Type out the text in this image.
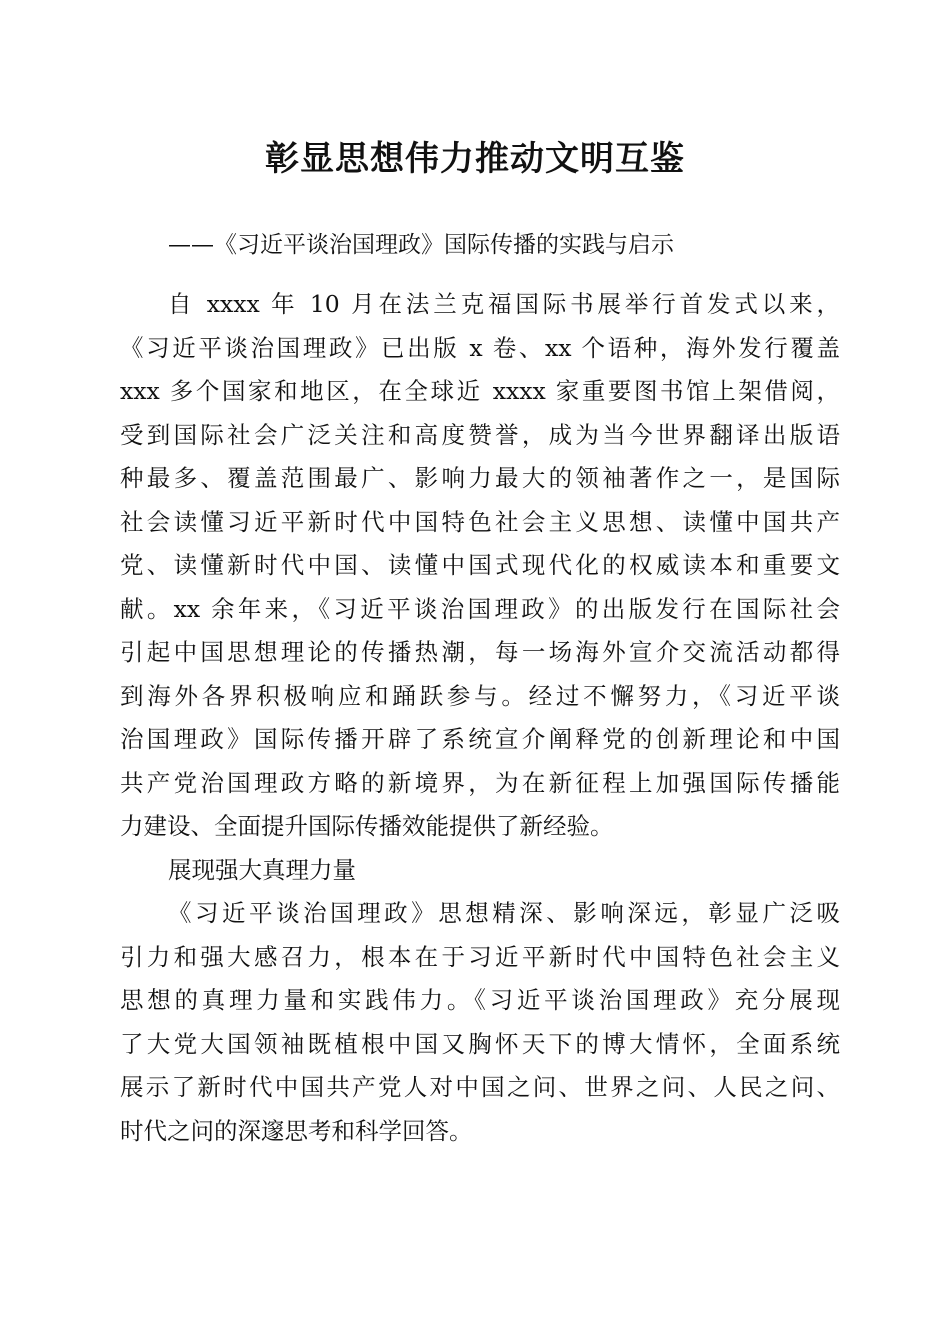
彰显思想伟力推动文明互鉴
——《习近平谈治国理政》国际传播的实践与启示
自 xxxx 年 10 月在法兰克福国际书展举行首发式以来，
《习近平谈治国理政》已出版 x 卷、xx 个语种，海外发行覆盖
xxx 多个国家和地区，在全球近 xxxx 家重要图书馆上架借阅，
受到国际社会广泛关注和高度赞誉，成为当今世界翻译出版语
种最多、覆盖范围最广、影响力最大的领袖著作之一，是国际
社会读懂习近平新时代中国特色社会主义思想、读懂中国共产
党、读懂新时代中国、读懂中国式现代化的权威读本和重要文
献。xx 余年来，《习近平谈治国理政》的出版发行在国际社会
引起中国思想理论的传播热潮，每一场海外宣介交流活动都得
到海外各界积极响应和踊跃参与。经过不懈努力，《习近平谈
治国理政》国际传播开辟了系统宣介阐释党的创新理论和中国
共产党治国理政方略的新境界，为在新征程上加强国际传播能
力建设、全面提升国际传播效能提供了新经验。
展现强大真理力量
《习近平谈治国理政》思想精深、影响深远，彰显广泛吸
引力和强大感召力，根本在于习近平新时代中国特色社会主义
思想的真理力量和实践伟力。《习近平谈治国理政》充分展现
了大党大国领袖既植根中国又胸怀天下的博大情怀，全面系统
展示了新时代中国共产党人对中国之问、世界之问、人民之问、
时代之问的深邃思考和科学回答。
